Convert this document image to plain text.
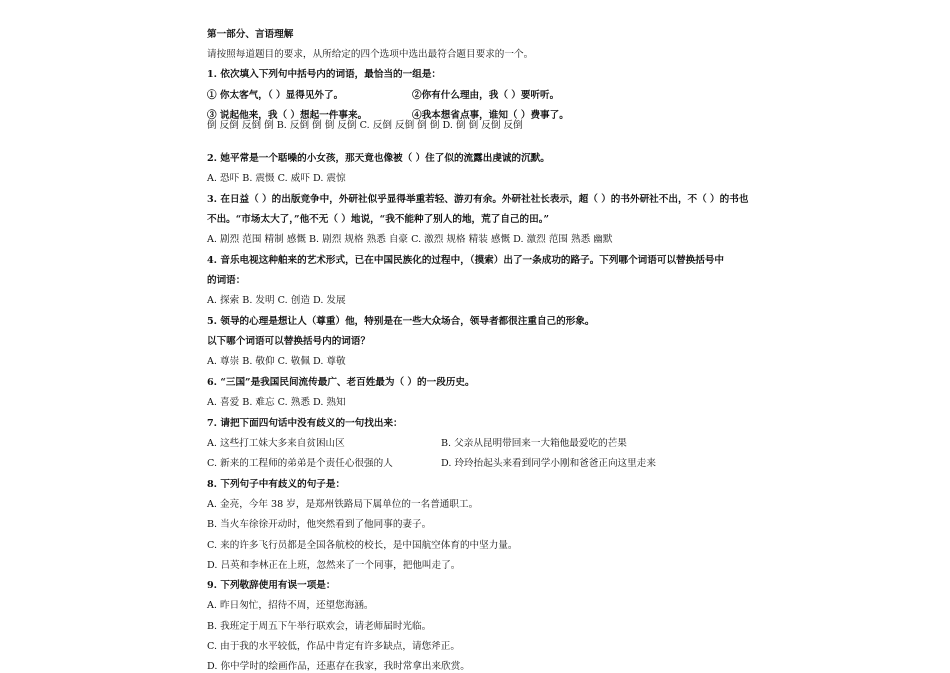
第一部分、言语理解
请按照每道题目的要求，从所给定的四个选项中选出最符合题目要求的一个。
1. 依次填入下列句中括号内的词语，最恰当的一组是：
① 你太客气，（ ）显得见外了。	②你有什么理由，我（ ）要听听。
③ 说起他来，我（ ）想起一件事来。	④我本想省点事，谁知（ ）费事了。
倒 反倒 反倒 倒 B. 反倒 倒 倒 反倒 C. 反倒 反倒 倒 倒 D. 倒 倒 反倒 反倒
2. 她平常是一个聒噪的小女孩，那天竟也像被（ ）住了似的流露出虔诚的沉默。
A. 恐吓 B. 震慑 C. 威吓 D. 震惊
3. 在日益（ ）的出版竞争中，外研社似乎显得举重若轻、游刃有余。外研社社长表示，超（ ）的书外研社不出，不（ ）的书也
不出。“市场太大了，”他不无（ ）地说，“我不能种了别人的地，荒了自己的田。”
A. 剧烈 范围 精制 感慨 B. 剧烈 规格 熟悉 自豪 C. 激烈 规格 精装 感慨 D. 激烈 范围 熟悉 幽默
4. 音乐电视这种舶来的艺术形式，已在中国民族化的过程中，（摸索）出了一条成功的路子。下列哪个词语可以替换括号中
的词语：
A. 探索 B. 发明 C. 创造 D. 发展
5. 领导的心理是想让人（尊重）他，特别是在一些大众场合，领导者都很注重自己的形象。
以下哪个词语可以替换括号内的词语？
A. 尊崇 B. 敬仰 C. 敬佩 D. 尊敬
6. “三国”是我国民间流传最广、老百姓最为（ ）的一段历史。
A. 喜爱 B. 难忘 C. 熟悉 D. 熟知
7. 请把下面四句话中没有歧义的一句找出来：
A. 这些打工妹大多来自贫困山区	B. 父亲从昆明带回来一大箱他最爱吃的芒果
C. 新来的工程师的弟弟是个责任心很强的人	D. 玲玲抬起头来看到同学小刚和爸爸正向这里走来
8. 下列句子中有歧义的句子是：
A. 金亮，今年 38 岁，是郑州铁路局下属单位的一名普通职工。
B. 当火车徐徐开动时，他突然看到了他同事的妻子。
C. 来的许多飞行员都是全国各航校的校长，是中国航空体育的中坚力量。
D. 吕英和李林正在上班，忽然来了一个同事，把他叫走了。
9. 下列敬辞使用有误一项是：
A. 昨日匆忙，招待不周，还望您海涵。
B. 我班定于周五下午举行联欢会，请老师届时光临。
C. 由于我的水平较低，作品中肯定有许多缺点，请您斧正。
D. 你中学时的绘画作品，还惠存在我家，我时常拿出来欣赏。
